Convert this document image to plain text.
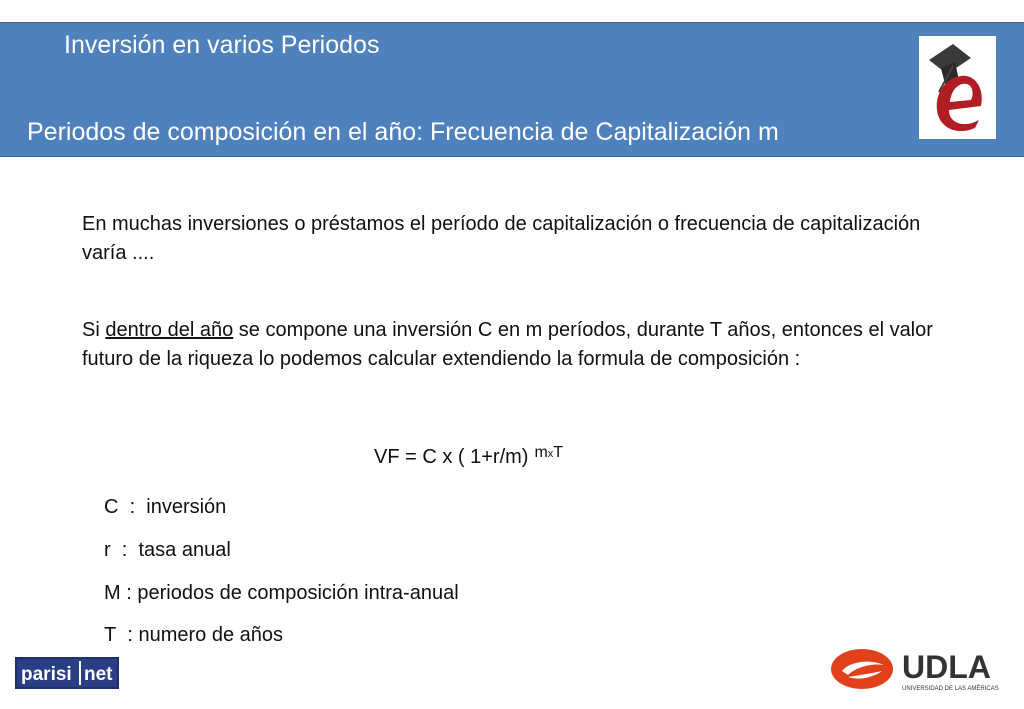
Inversión en varios Periodos
Periodos de composición en el año: Frecuencia de Capitalización m
En muchas inversiones o préstamos el período de capitalización o frecuencia de capitalización varía ....
Si dentro del año se compone una inversión C en m períodos, durante T años, entonces el valor futuro de la riqueza lo podemos calcular extendiendo la formula de composición :
VF = C x ( 1+r/m) $^{mxT}$
C  :  inversión
r  :  tasa anual
M : periodos de composición intra-anual
T  : numero de años
parisi net	UDLA
UNIVERSIDAD DE LAS AMÉRICAS
